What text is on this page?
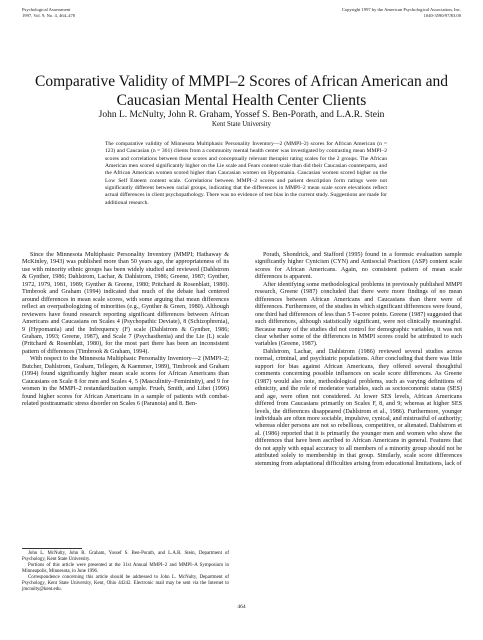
Psychological Assessment
1997, Vol. 9, No. 4, 464–470
Copyright 1997 by the American Psychological Association, Inc.
1040-3590/97/$3.00
Comparative Validity of MMPI–2 Scores of African American and Caucasian Mental Health Center Clients
John L. McNulty, John R. Graham, Yossef S. Ben-Porath, and L.A.R. Stein
Kent State University
The comparative validity of Minnesota Multiphasic Personality Inventory—2 (MMPI–2) scores for African American (n = 123) and Caucasian (n = 361) clients from a community mental health center was investigated by contrasting mean MMPI–2 scores and correlations between those scores and conceptually relevant therapist rating scales for the 2 groups. The African American men scored significantly higher on the Lie scale and Fears content scale than did their Caucasian counterparts, and the African American women scored higher than Caucasian women on Hypomania. Caucasian women scored higher on the Low Self Esteem content scale. Correlations between MMPI–2 scores and patient description form ratings were not significantly different between racial groups, indicating that the differences in MMPI–2 mean scale score elevations reflect actual differences in client psychopathology. There was no evidence of test bias in the current study. Suggestions are made for additional research.

Since the Minnesota Multiphasic Personality Inventory (MMPI; Hathaway & McKinley, 1943) was published more than 50 years ago, the appropriateness of its use with minority ethnic groups has been widely studied and reviewed (Dahlstrom & Gynther, 1986; Dahlstrom, Lachar, & Dahlstrom, 1986; Greene, 1987; Gynther, 1972, 1979, 1981, 1989; Gynther & Greene, 1980; Pritchard & Rosenblatt, 1980). Timbrook and Graham (1994) indicated that much of the debate had centered around differences in mean scale scores, with some arguing that mean differences reflect an overpathologizing of minorities (e.g., Gynther & Green, 1980). Although reviewers have found research reporting significant differences between African Americans and Caucasians on Scales 4 (Psychopathic Deviate), 8 (Schizophrenia), 9 (Hypomania) and the Infrequency (F) scale (Dahlstrom & Gynther, 1986; Graham, 1993; Greene, 1987), and Scale 7 (Psychasthenia) and the Lie (L) scale (Pritchard & Rosenblatt, 1980), for the most part there has been an inconsistent pattern of differences (Timbrook & Graham, 1994).

With respect to the Minnesota Multiphasic Personality Inventory—2 (MMPI–2; Butcher, Dahlstrom, Graham, Tellegen, & Kaemmer, 1989), Timbrook and Graham (1994) found significantly higher mean scale scores for African Americans than Caucasians on Scale 8 for men and Scales 4, 5 (Masculinity–Femininity), and 9 for women in the MMPI–2 restandardization sample. Frueh, Smith, and Libet (1996) found higher scores for African Americans in a sample of patients with combat-related posttraumatic stress disorder on Scales 6 (Paranoia) and 8. Ben-

Porath, Shondrick, and Stafford (1995) found in a forensic evaluation sample significantly higher Cynicism (CYN) and Antisocial Practices (ASP) content scale scores for African Americans. Again, no consistent pattern of mean scale differences is apparent.

After identifying some methodological problems in previously published MMPI research, Greene (1987) concluded that there were more findings of no mean differences between African Americans and Caucasians than there were of differences. Furthermore, of the studies in which significant differences were found, one third had differences of less than 5 T-score points. Greene (1987) suggested that such differences, although statistically significant, were not clinically meaningful. Because many of the studies did not control for demographic variables, it was not clear whether some of the differences in MMPI scores could be attributed to such variables (Greene, 1987).

Dahlstrom, Lachar, and Dahlstrom (1986) reviewed several studies across normal, criminal, and psychiatric populations. After concluding that there was little support for bias against African Americans, they offered several thoughtful comments concerning possible influences on scale score differences. As Greene (1987) would also note, methodological problems, such as varying definitions of ethnicity, and the role of moderator variables, such as socioeconomic status (SES) and age, were often not considered. At lower SES levels, African Americans differed from Caucasians primarily on Scales F, 8, and 9; whereas at higher SES levels, the differences disappeared (Dahlstrom et al., 1986). Furthermore, younger individuals are often more sociable, impulsive, cynical, and mistrustful of authority; whereas older persons are not so rebellious, competitive, or alienated. Dahlstrom et al. (1986) reported that it is primarily the younger men and women who show the differences that have been ascribed to African Americans in general. Features that do not apply with equal accuracy to all members of a minority group should not be attributed solely to membership in that group. Similarly, scale score differences stemming from adaptational difficulties arising from educational limitations, lack of

John L. McNulty, John R. Graham, Yossef S. Ben-Porath, and L.A.R. Stein, Department of Psychology, Kent State University.

Portions of this article were presented at the 31st Annual MMPI–2 and MMPI–A Symposium in Minneapolis, Minnesota, in June 1996.

Correspondence concerning this article should be addressed to John L. McNulty, Department of Psychology, Kent State University, Kent, Ohio 44242. Electronic mail may be sent via the Internet to jmcnulty@kent.edu.

464
